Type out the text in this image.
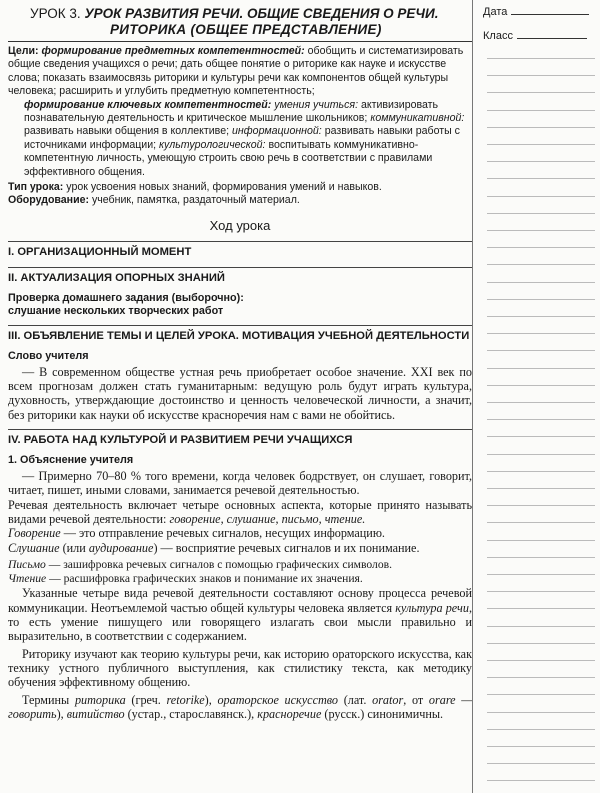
УРОК 3. УРОК РАЗВИТИЯ РЕЧИ. ОБЩИЕ СВЕДЕНИЯ О РЕЧИ.
РИТОРИКА (ОБЩЕЕ ПРЕДСТАВЛЕНИЕ)

Цели: формирование предметных компетентностей: обобщить и систематизировать общие сведения учащихся о речи; дать общее понятие о риторике как науке и искусстве слова; показать взаимосвязь риторики и культуры речи как компонентов общей культуры человека; расширить и углубить предметную компетентность;

формирование ключевых компетентностей: умения учиться: активизировать познавательную деятельность и критическое мышление школьников; коммуникативной: развивать навыки общения в коллективе; информационной: развивать навыки работы с источниками информации; культурологической: воспитывать коммуникативно-компетентную личность, умеющую строить свою речь в соответствии с правилами эффективного общения.

Тип урока: урок усвоения новых знаний, формирования умений и навыков.

Оборудование: учебник, памятка, раздаточный материал.

Ход урока
I. ОРГАНИЗАЦИОННЫЙ МОМЕНТ
II. АКТУАЛИЗАЦИЯ ОПОРНЫХ ЗНАНИЙ
Проверка домашнего задания (выборочно):
слушание нескольких творческих работ
III. ОБЪЯВЛЕНИЕ ТЕМЫ И ЦЕЛЕЙ УРОКА. МОТИВАЦИЯ УЧЕБНОЙ ДЕЯТЕЛЬНОСТИ
Слово учителя

— В современном обществе устная речь приобретает особое значение. XXI век по всем прогнозам должен стать гуманитарным: ведущую роль будут играть культура, духовность, утверждающие достоинство и ценность человеческой личности, а значит, без риторики как науки об искусстве красноречия нам с вами не обойтись.

IV. РАБОТА НАД КУЛЬТУРОЙ И РАЗВИТИЕМ РЕЧИ УЧАЩИХСЯ
1. Объяснение учителя

— Примерно 70–80 % того времени, когда человек бодрствует, он слушает, говорит, читает, пишет, иными словами, занимается речевой деятельностью.

Речевая деятельность включает четыре основных аспекта, которые принято называть видами речевой деятельности: говорение, слушание, письмо, чтение.

Говорение — это отправление речевых сигналов, несущих информацию.

Слушание (или аудирование) — восприятие речевых сигналов и их понимание.

Письмо — зашифровка речевых сигналов с помощью графических символов.

Чтение — расшифровка графических знаков и понимание их значения.

Указанные четыре вида речевой деятельности составляют основу процесса речевой коммуникации. Неотъемлемой частью общей культуры человека является культура речи, то есть умение пишущего или говорящего излагать свои мысли правильно и выразительно, в соответствии с содержанием.

Риторику изучают как теорию культуры речи, как историю ораторского искусства, как технику устного публичного выступления, как стилистику текста, как методику обучения эффективному общению.

Термины риторика (греч. retorike), ораторское искусство (лат. orator, от orare — говорить), витийство (устар., старославянск.), красноречие (русск.) синонимичны.

Дата
Класс
